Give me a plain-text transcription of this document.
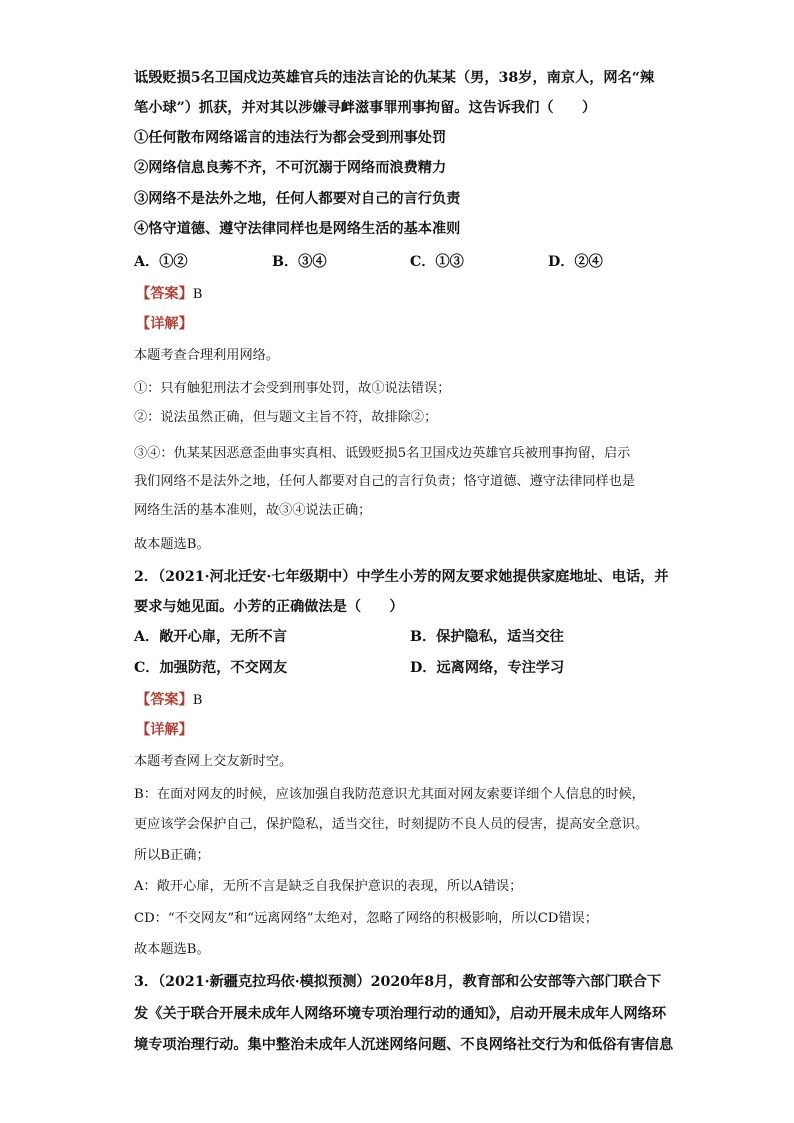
诋毁贬损5名卫国戍边英雄官兵的违法言论的仇某某（男，38岁，南京人，网名“辣
笔小球”）抓获，并对其以涉嫌寻衅滋事罪刑事拘留。这告诉我们（　　）
①任何散布网络谣言的违法行为都会受到刑事处罚
②网络信息良莠不齐，不可沉溺于网络而浪费精力
③网络不是法外之地，任何人都要对自己的言行负责
④恪守道德、遵守法律同样也是网络生活的基本准则
A．①②	B．③④	C．①③	D．②④
【答案】B
【详解】
本题考查合理利用网络。
①：只有触犯刑法才会受到刑事处罚，故①说法错误；
②：说法虽然正确，但与题文主旨不符，故排除②；
③④：仇某某因恶意歪曲事实真相、诋毁贬损5名卫国戍边英雄官兵被刑事拘留，启示
我们网络不是法外之地，任何人都要对自己的言行负责；恪守道德、遵守法律同样也是
网络生活的基本准则，故③④说法正确；
故本题选B。
2．（2021·河北迁安·七年级期中）中学生小芳的网友要求她提供家庭地址、电话，并
要求与她见面。小芳的正确做法是（　　）
A．敞开心扉，无所不言	B．保护隐私，适当交往
C．加强防范，不交网友	D．远离网络，专注学习
【答案】B
【详解】
本题考查网上交友新时空。
B：在面对网友的时候，应该加强自我防范意识尤其面对网友索要详细个人信息的时候，
更应该学会保护自己，保护隐私，适当交往，时刻提防不良人员的侵害，提高安全意识。
所以B正确；
A：敞开心扉，无所不言是缺乏自我保护意识的表现，所以A错误；
CD：“不交网友”和“远离网络”太绝对，忽略了网络的积极影响，所以CD错误；
故本题选B。
3．（2021·新疆克拉玛依·模拟预测）2020年8月，教育部和公安部等六部门联合下
发《关于联合开展未成年人网络环境专项治理行动的通知》，启动开展未成年人网络环
境专项治理行动。集中整治未成年人沉迷网络问题、不良网络社交行为和低俗有害信息
